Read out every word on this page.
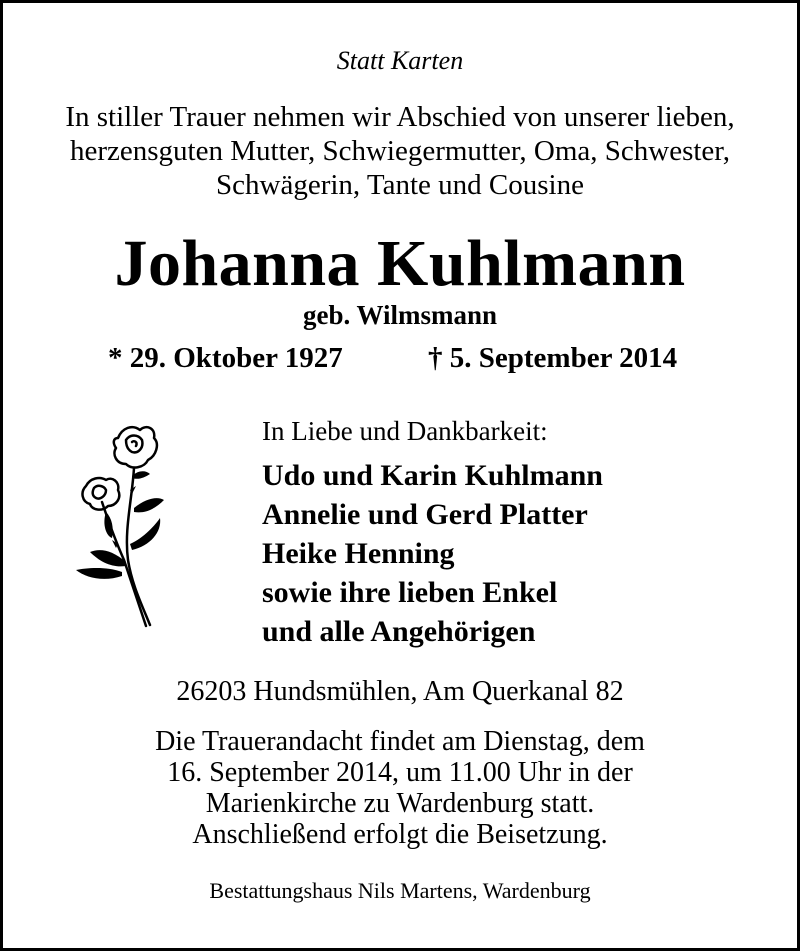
Statt Karten
In stiller Trauer nehmen wir Abschied von unserer lieben,
herzensguten Mutter, Schwiegermutter, Oma, Schwester,
Schwägerin, Tante und Cousine
Johanna Kuhlmann
geb. Wilmsmann
* 29. Oktober 1927	† 5. September 2014
In Liebe und Dankbarkeit:
Udo und Karin Kuhlmann
Annelie und Gerd Platter
Heike Henning
sowie ihre lieben Enkel
und alle Angehörigen
26203 Hundsmühlen, Am Querkanal 82
Die Trauerandacht findet am Dienstag, dem
16. September 2014, um 11.00 Uhr in der
Marienkirche zu Wardenburg statt.
Anschließend erfolgt die Beisetzung.
Bestattungshaus Nils Martens, Wardenburg
